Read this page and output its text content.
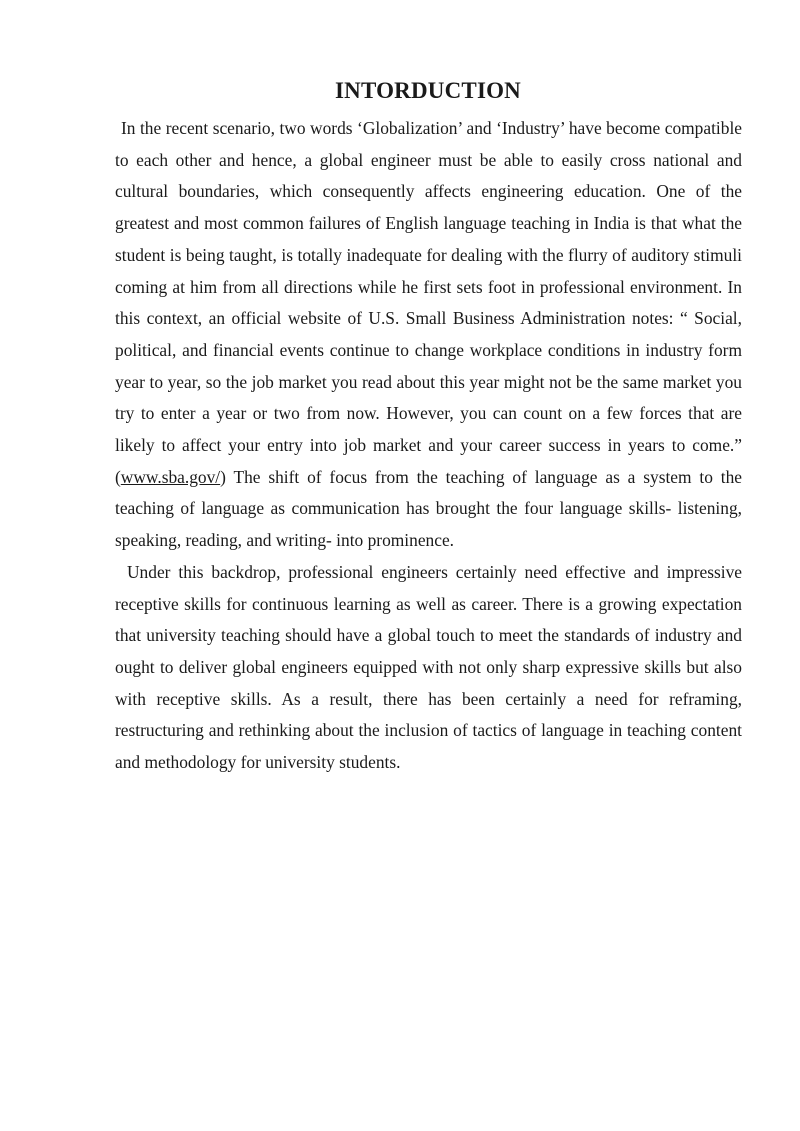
INTORDUCTION

In the recent scenario, two words ‘Globalization’ and ‘Industry’ have become compatible to each other and hence, a global engineer must be able to easily cross national and cultural boundaries, which consequently affects engineering education. One of the greatest and most common failures of English language teaching in India is that what the student is being taught, is totally inadequate for dealing with the flurry of auditory stimuli coming at him from all directions while he first sets foot in professional environment. In this context, an official website of U.S. Small Business Administration notes: “ Social, political, and financial events continue to change workplace conditions in industry form year to year, so the job market you read about this year might not be the same market you try to enter a year or two from now. However, you can count on a few forces that are likely to affect your entry into job market and your career success in years to come.” (www.sba.gov/) The shift of focus from the teaching of language as a system to the teaching of language as communication has brought the four language skills- listening, speaking, reading, and writing- into prominence.

Under this backdrop, professional engineers certainly need effective and impressive receptive skills for continuous learning as well as career. There is a growing expectation that university teaching should have a global touch to meet the standards of industry and ought to deliver global engineers equipped with not only sharp expressive skills but also with receptive skills. As a result, there has been certainly a need for reframing, restructuring and rethinking about the inclusion of tactics of language in teaching content and methodology for university students.
